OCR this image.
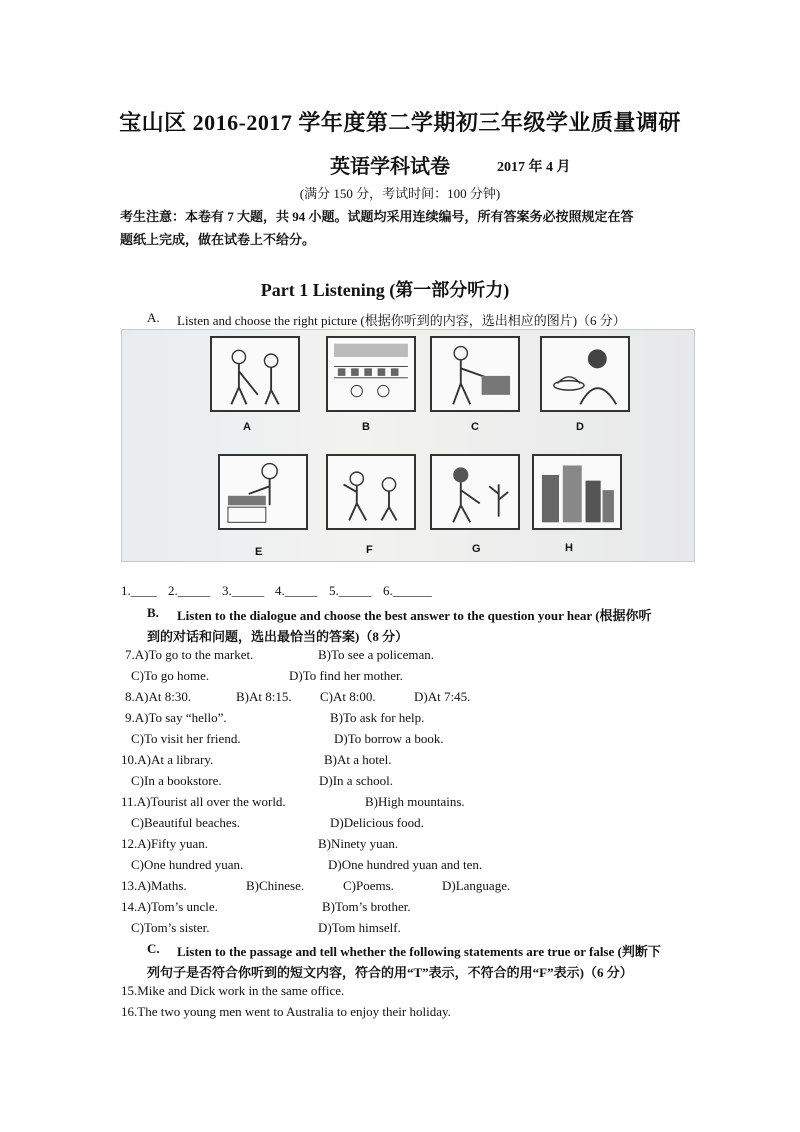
宝山区 2016-2017 学年度第二学期初三年级学业质量调研
英语学科试卷	2017 年 4 月
(满分 150 分，考试时间：100 分钟)
考生注意：本卷有 7 大题，共 94 小题。试题均采用连续编号，所有答案务必按照规定在答
题纸上完成，做在试卷上不给分。
Part 1 Listening (第一部分听力)
A. Listen and choose the right picture (根据你听到的内容，选出相应的图片)（6 分）
A	B	C	D
E	F	G	H
1.____ 2._____ 3._____ 4._____ 5._____ 6.______
B. Listen to the dialogue and choose the best answer to the question your hear (根据你听
到的对话和问题，选出最恰当的答案)（8 分）
7.A)To go to the market.	B)To see a policeman.
C)To go home.	D)To find her mother.
8.A)At 8:30.	B)At 8:15. C)At 8:00.	D)At 7:45.
9.A)To say “hello”.	B)To ask for help.
C)To visit her friend.	D)To borrow a book.
10.A)At a library.	B)At a hotel.
C)In a bookstore.	D)In a school.
11.A)Tourist all over the world.	B)High mountains.
C)Beautiful beaches.	D)Delicious food.
12.A)Fifty yuan.	B)Ninety yuan.
C)One hundred yuan.	D)One hundred yuan and ten.
13.A)Maths.	B)Chinese.	C)Poems.	D)Language.
14.A)Tom’s uncle.	B)Tom’s brother.
C)Tom’s sister.	D)Tom himself.
C. Listen to the passage and tell whether the following statements are true or false (判断下
列句子是否符合你听到的短文内容，符合的用“T”表示，不符合的用“F”表示)（6 分）
15.Mike and Dick work in the same office.
16.The two young men went to Australia to enjoy their holiday.
